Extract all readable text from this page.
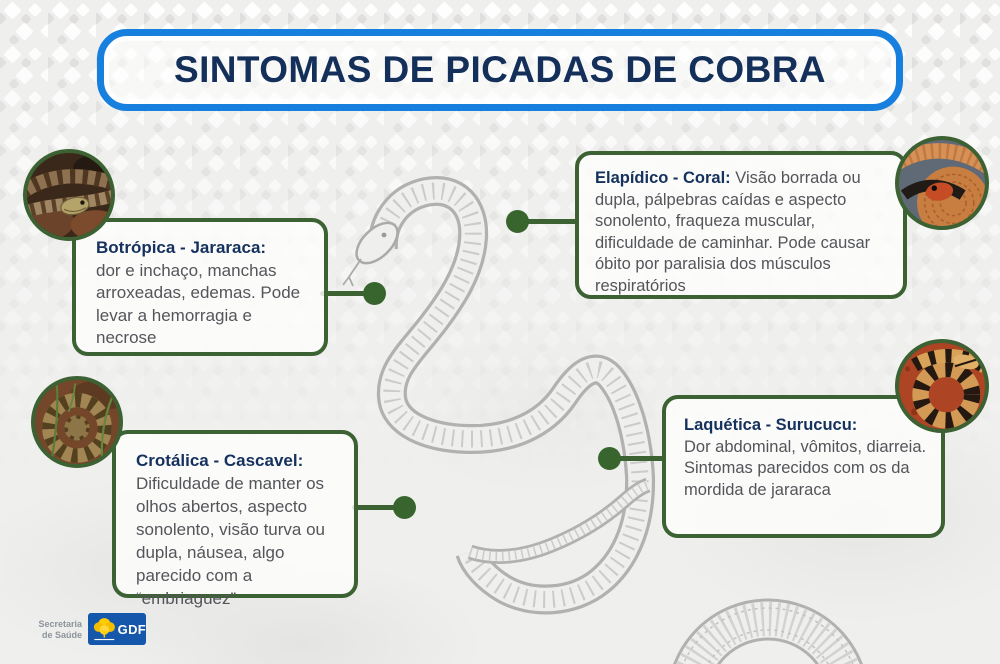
SINTOMAS DE PICADAS DE COBRA

Botrópica - Jararaca:
dor e inchaço, manchas arroxeadas, edemas. Pode levar a hemorragia e necrose

Elapídico - Coral: Visão borrada ou dupla, pálpebras caídas e aspecto sonolento, fraqueza muscular, dificuldade de caminhar. Pode causar óbito por paralisia dos músculos respiratórios

Crotálica - Cascavel:
Dificuldade de manter os olhos abertos, aspecto sonolento, visão turva ou dupla, náusea, algo parecido com a “embriaguez”

Laquética - Surucucu:
Dor abdominal, vômitos, diarreia. Sintomas parecidos com os da mordida de jararaca

Secretaria
de Saúde	GDF
